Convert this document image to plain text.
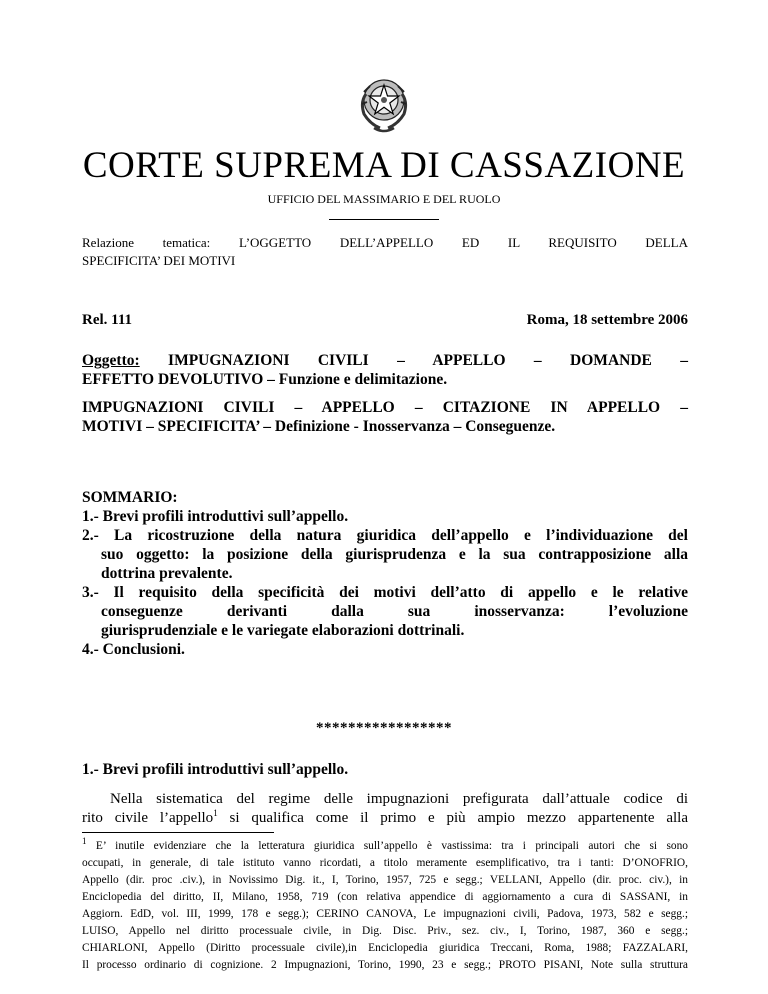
CORTE SUPREMA DI CASSAZIONE
UFFICIO DEL MASSIMARIO E DEL RUOLO
Relazione tematica: L’OGGETTO DELL’APPELLO ED IL REQUISITO DELLA
SPECIFICITA’ DEI MOTIVI
Rel. 111	Roma, 18 settembre 2006
Oggetto: IMPUGNAZIONI CIVILI – APPELLO – DOMANDE –
EFFETTO DEVOLUTIVO – Funzione e delimitazione.
IMPUGNAZIONI CIVILI – APPELLO – CITAZIONE IN APPELLO –
MOTIVI – SPECIFICITA’ – Definizione - Inosservanza – Conseguenze.
SOMMARIO:
1.- Brevi profili introduttivi sull’appello.
2.- La ricostruzione della natura giuridica dell’appello e l’individuazione del
suo oggetto: la posizione della giurisprudenza e la sua contrapposizione alla
dottrina prevalente.
3.- Il requisito della specificità dei motivi dell’atto di appello e le relative
conseguenze derivanti dalla sua inosservanza: l’evoluzione
giurisprudenziale e le variegate elaborazioni dottrinali.
4.- Conclusioni.
*****************
1.- Brevi profili introduttivi sull’appello.
Nella sistematica del regime delle impugnazioni prefigurata dall’attuale codice di
rito civile l’appello$^1$ si qualifica come il primo e più ampio mezzo appartenente alla
$^1$ E’ inutile evidenziare che la letteratura giuridica sull’appello è vastissima: tra i principali autori che si sono
occupati, in generale, di tale istituto vanno ricordati, a titolo meramente esemplificativo, tra i tanti: D’ONOFRIO,
Appello (dir. proc .civ.), in Novissimo Dig. it., I, Torino, 1957, 725 e segg.; VELLANI, Appello (dir. proc. civ.), in
Enciclopedia del diritto, II, Milano, 1958, 719 (con relativa appendice di aggiornamento a cura di SASSANI, in
Aggiorn. EdD, vol. III, 1999, 178 e segg.); CERINO CANOVA, Le impugnazioni civili, Padova, 1973, 582 e segg.;
LUISO, Appello nel diritto processuale civile, in Dig. Disc. Priv., sez. civ., I, Torino, 1987, 360 e segg.;
CHIARLONI, Appello (Diritto processuale civile),in Enciclopedia giuridica Treccani, Roma, 1988; FAZZALARI,
Il processo ordinario di cognizione. 2 Impugnazioni, Torino, 1990, 23 e segg.; PROTO PISANI, Note sulla struttura
